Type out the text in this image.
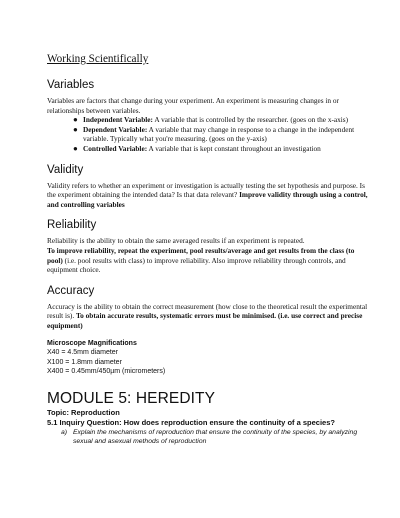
Working Scientifically
Variables

Variables are factors that change during your experiment. An experiment is measuring changes in or relationships between variables.

● Independent Variable: A variable that is controlled by the researcher. (goes on the x-axis)
● Dependent Variable: A variable that may change in response to a change in the independent variable. Typically what you're measuring. (goes on the y-axis)
● Controlled Variable: A variable that is kept constant throughout an investigation
Validity

Validity refers to whether an experiment or investigation is actually testing the set hypothesis and purpose. Is the experiment obtaining the intended data? Is that data relevant? Improve validity through using a control, and controlling variables

Reliability

Reliability is the ability to obtain the same averaged results if an experiment is repeated.
To improve reliability, repeat the experiment, pool results/average and get results from the class (to pool) (i.e. pool results with class) to improve reliability. Also improve reliability through controls, and equipment choice.

Accuracy

Accuracy is the ability to obtain the correct measurement (how close to the theoretical result the experimental result is). To obtain accurate results, systematic errors must be minimised. (i.e. use correct and precise equipment)

Microscope Magnifications
X40 = 4.5mm diameter
X100 = 1.8mm diameter
X400 = 0.45mm/450µm (micrometers)
MODULE 5: HEREDITY
Topic: Reproduction
5.1 Inquiry Question: How does reproduction ensure the continuity of a species?
a) Explain the mechanisms of reproduction that ensure the continuity of the species, by analyzing sexual and asexual methods of reproduction
